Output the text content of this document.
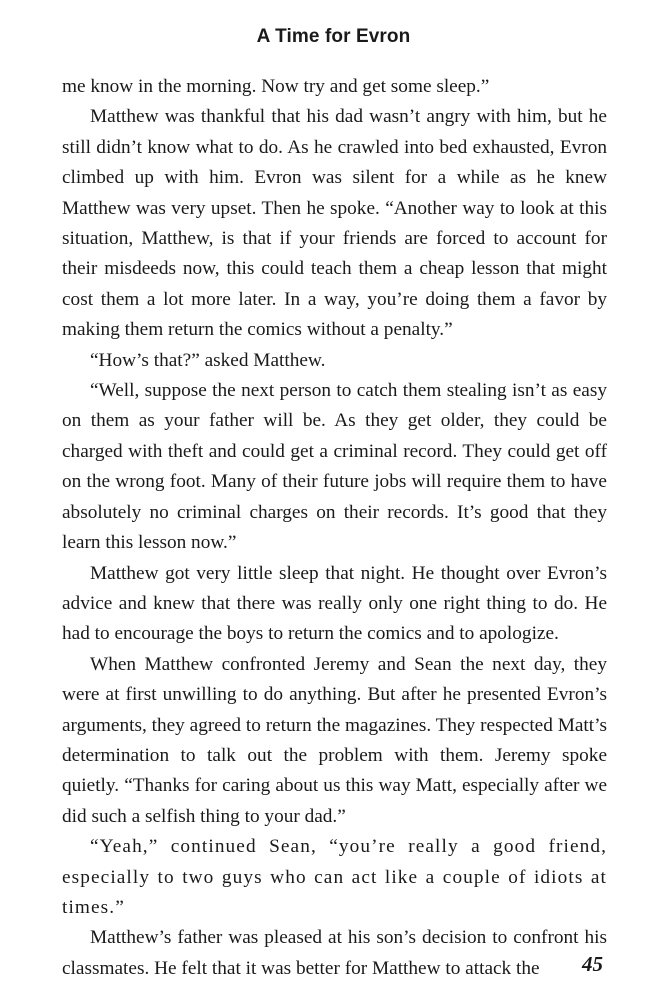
A Time for Evron

me know in the morning. Now try and get some sleep.”

Matthew was thankful that his dad wasn’t angry with him, but he still didn’t know what to do. As he crawled into bed exhausted, Evron climbed up with him. Evron was silent for a while as he knew Matthew was very upset. Then he spoke. “Another way to look at this situation, Matthew, is that if your friends are forced to account for their misdeeds now, this could teach them a cheap lesson that might cost them a lot more later. In a way, you’re doing them a favor by making them return the comics without a penalty.”

“How’s that?” asked Matthew.

“Well, suppose the next person to catch them stealing isn’t as easy on them as your father will be. As they get older, they could be charged with theft and could get a criminal record. They could get off on the wrong foot. Many of their future jobs will require them to have absolutely no criminal charges on their records. It’s good that they learn this lesson now.”

Matthew got very little sleep that night. He thought over Evron’s advice and knew that there was really only one right thing to do. He had to encourage the boys to return the comics and to apologize.

When Matthew confronted Jeremy and Sean the next day, they were at first unwilling to do anything. But after he presented Evron’s arguments, they agreed to return the magazines. They respected Matt’s determination to talk out the problem with them. Jeremy spoke quietly. “Thanks for caring about us this way Matt, especially after we did such a selfish thing to your dad.”

“Yeah,” continued Sean, “you’re really a good friend, especially to two guys who can act like a couple of idiots at times.”

Matthew’s father was pleased at his son’s decision to confront his classmates. He felt that it was better for Matthew to attack the	45
